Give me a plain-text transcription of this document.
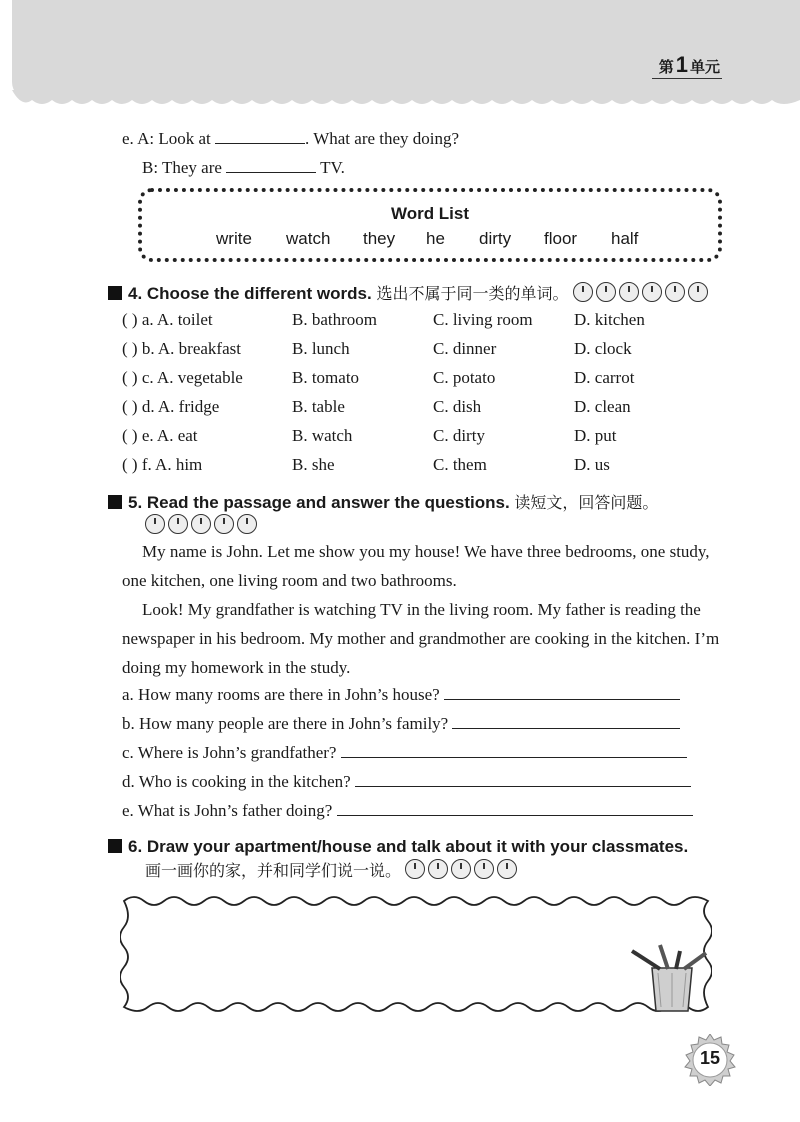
第1 单元
e. A: Look at	. What are they doing?
B: They are	TV.
Word List
write watch they he dirty floor half
4. Choose the different words. 选出不属于同一类的单词。
( ) a. A. toilet	B. bathroom	C. living room D. kitchen
( ) b. A. breakfast	B. lunch	C. dinner	D. clock
( ) c. A. vegetable	B. tomato	C. potato	D. carrot
( ) d. A. fridge	B. table	C. dish	D. clean
( ) e. A. eat	B. watch	C. dirty	D. put
( ) f. A. him	B. she	C. them	D. us
5. Read the passage and answer the questions. 读短文，回答问题。
My name is John. Let me show you my house! We have three bedrooms, one study, one kitchen, one living room and two bathrooms.
Look! My grandfather is watching TV in the living room. My father is reading the newspaper in his bedroom. My mother and grandmother are cooking in the kitchen. I’m doing my homework in the study.
a. How many rooms are there in John’s house?
b. How many people are there in John’s family?
c. Where is John’s grandfather?
d. Who is cooking in the kitchen?
e. What is John’s father doing?
6. Draw your apartment/house and talk about it with your classmates.
画一画你的家，并和同学们说一说。
15
